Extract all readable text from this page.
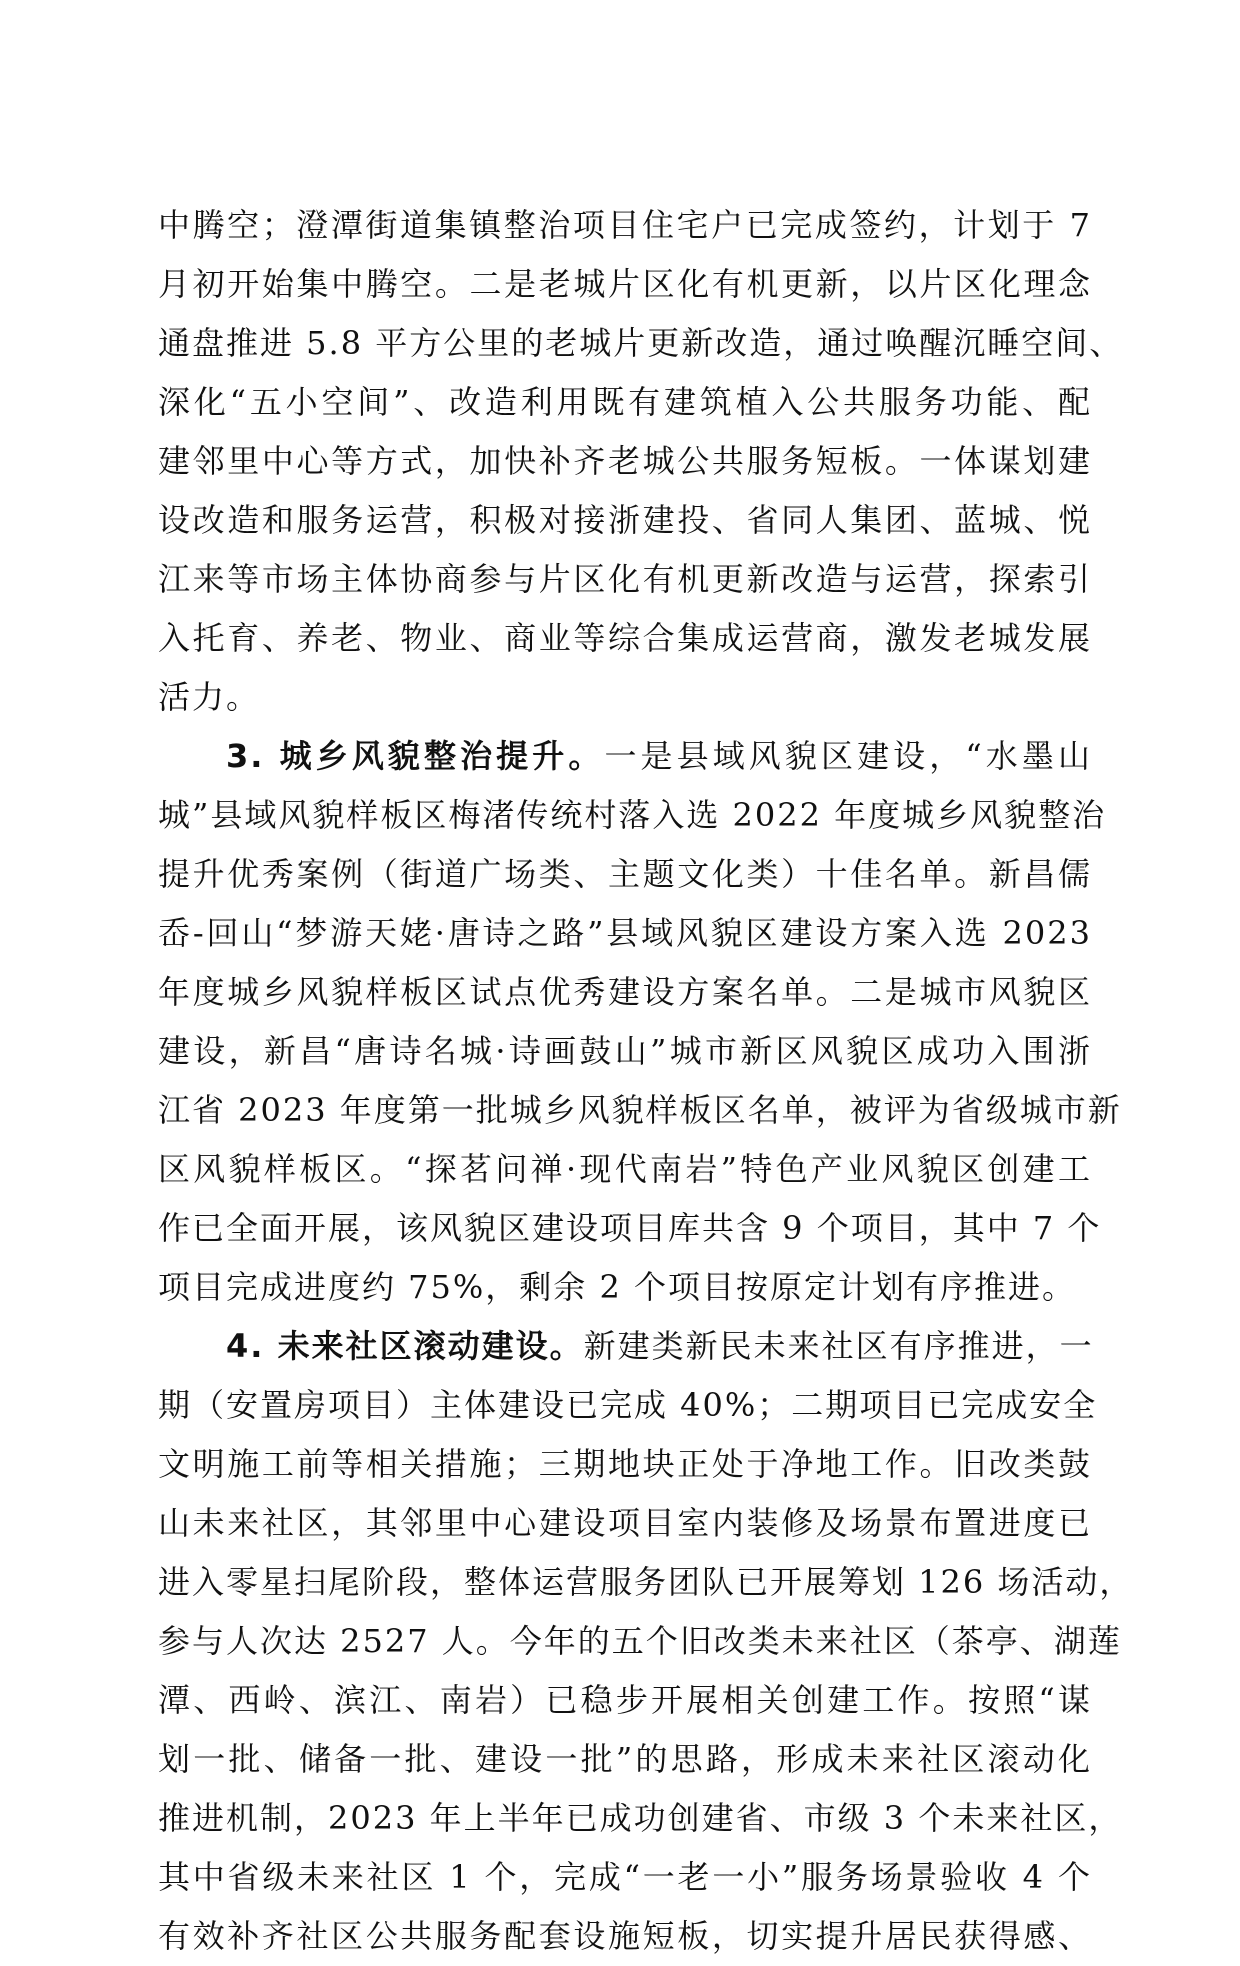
中腾空；澄潭街道集镇整治项目住宅户已完成签约，计划于 7
月初开始集中腾空。二是老城片区化有机更新，以片区化理念
通盘推进 5.8 平方公里的老城片更新改造，通过唤醒沉睡空间、
深化“五小空间”、改造利用既有建筑植入公共服务功能、配
建邻里中心等方式，加快补齐老城公共服务短板。一体谋划建
设改造和服务运营，积极对接浙建投、省同人集团、蓝城、悦
江来等市场主体协商参与片区化有机更新改造与运营，探索引
入托育、养老、物业、商业等综合集成运营商，激发老城发展
活力。
3. 城乡风貌整治提升。一是县域风貌区建设，“水墨山
城”县域风貌样板区梅渚传统村落入选 2022 年度城乡风貌整治
提升优秀案例（街道广场类、主题文化类）十佳名单。新昌儒
岙-回山“梦游天姥·唐诗之路”县域风貌区建设方案入选 2023
年度城乡风貌样板区试点优秀建设方案名单。二是城市风貌区
建设，新昌“唐诗名城·诗画鼓山”城市新区风貌区成功入围浙
江省 2023 年度第一批城乡风貌样板区名单，被评为省级城市新
区风貌样板区。“探茗问禅·现代南岩”特色产业风貌区创建工
作已全面开展，该风貌区建设项目库共含 9 个项目，其中 7 个
项目完成进度约 75%，剩余 2 个项目按原定计划有序推进。
4. 未来社区滚动建设。新建类新民未来社区有序推进，一
期（安置房项目）主体建设已完成 40%；二期项目已完成安全
文明施工前等相关措施；三期地块正处于净地工作。旧改类鼓
山未来社区，其邻里中心建设项目室内装修及场景布置进度已
进入零星扫尾阶段，整体运营服务团队已开展筹划 126 场活动，
参与人次达 2527 人。今年的五个旧改类未来社区（茶亭、湖莲
潭、西岭、滨江、南岩）已稳步开展相关创建工作。按照“谋
划一批、储备一批、建设一批”的思路，形成未来社区滚动化
推进机制，2023 年上半年已成功创建省、市级 3 个未来社区，
其中省级未来社区 1 个，完成“一老一小”服务场景验收 4 个
有效补齐社区公共服务配套设施短板，切实提升居民获得感、
